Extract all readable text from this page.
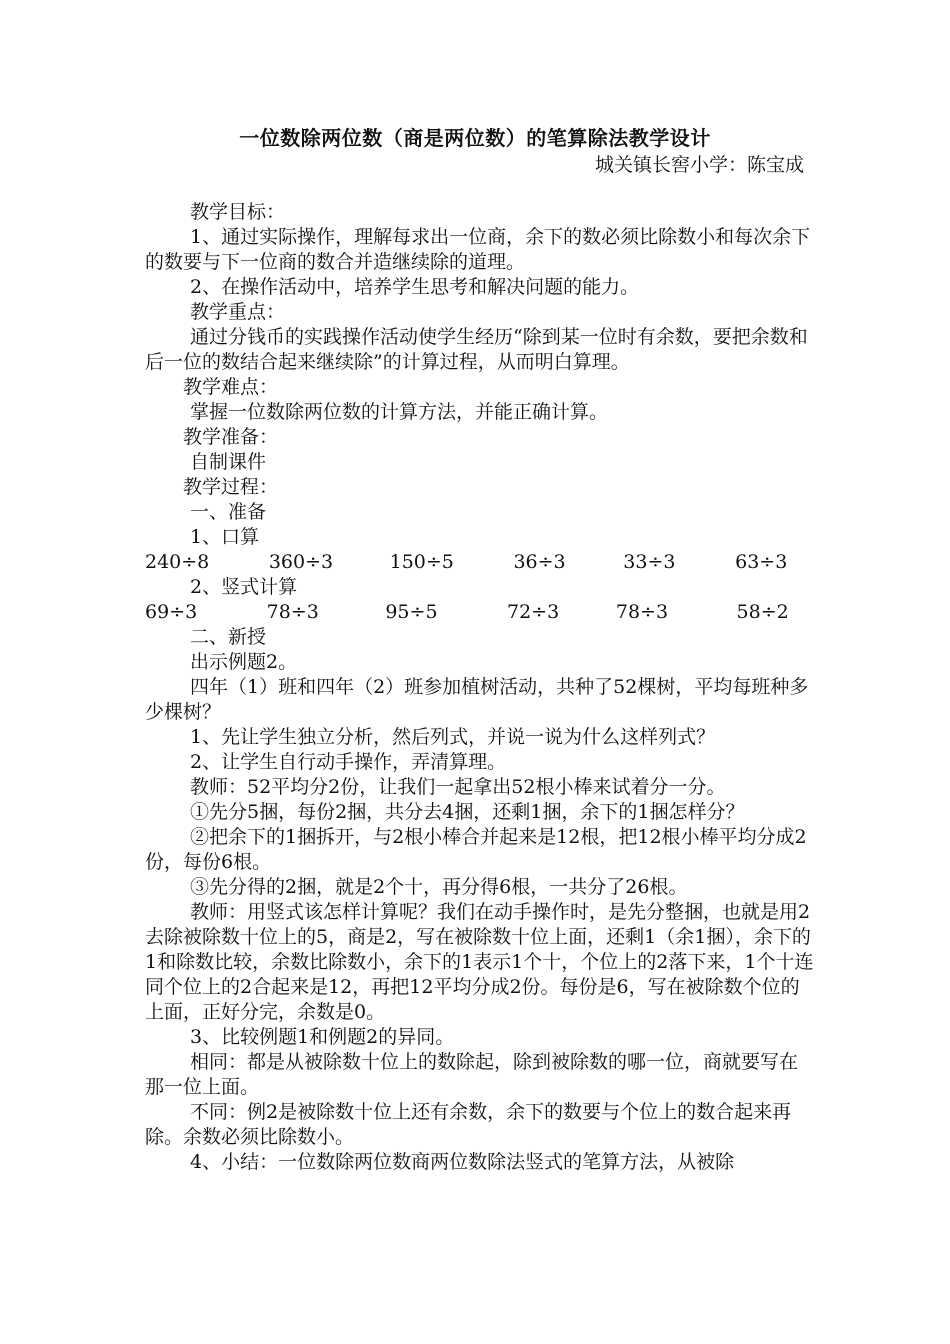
一位数除两位数（商是两位数）的笔算除法教学设计
城关镇长窖小学：陈宝成

教学目标：

1、通过实际操作，理解每求出一位商，余下的数必须比除数小和每次余下的数要与下一位商的数合并造继续除的道理。

2、在操作活动中，培养学生思考和解决问题的能力。

教学重点：

通过分钱币的实践操作活动使学生经历“除到某一位时有余数，要把余数和后一位的数结合起来继续除”的计算过程，从而明白算理。

教学难点：

掌握一位数除两位数的计算方法，并能正确计算。

教学准备：

自制课件

教学过程：

一、准备

1、口算

240÷8	360÷3	150÷5	36÷3	33÷3	63÷3

2、竖式计算

69÷3	78÷3	95÷5	72÷3	78÷3	58÷2

二、新授

出示例题2。

四年（1）班和四年（2）班参加植树活动，共种了52棵树，平均每班种多少棵树？

1、先让学生独立分析，然后列式，并说一说为什么这样列式？

2、让学生自行动手操作，弄清算理。

教师：52平均分2份，让我们一起拿出52根小棒来试着分一分。

①先分5捆，每份2捆，共分去4捆，还剩1捆，余下的1捆怎样分？

②把余下的1捆拆开，与2根小棒合并起来是12根，把12根小棒平均分成2份，每份6根。

③先分得的2捆，就是2个十，再分得6根，一共分了26根。

教师：用竖式该怎样计算呢？我们在动手操作时，是先分整捆，也就是用2去除被除数十位上的5，商是2，写在被除数十位上面，还剩1（余1捆），余下的1和除数比较，余数比除数小，余下的1表示1个十，个位上的2落下来，1个十连同个位上的2合起来是12，再把12平均分成2份。每份是6，写在被除数个位的上面，正好分完，余数是0。

3、比较例题1和例题2的异同。

相同：都是从被除数十位上的数除起，除到被除数的哪一位，商就要写在那一位上面。

不同：例2是被除数十位上还有余数，余下的数要与个位上的数合起来再除。余数必须比除数小。

4、小结：一位数除两位数商两位数除法竖式的笔算方法，从被除
